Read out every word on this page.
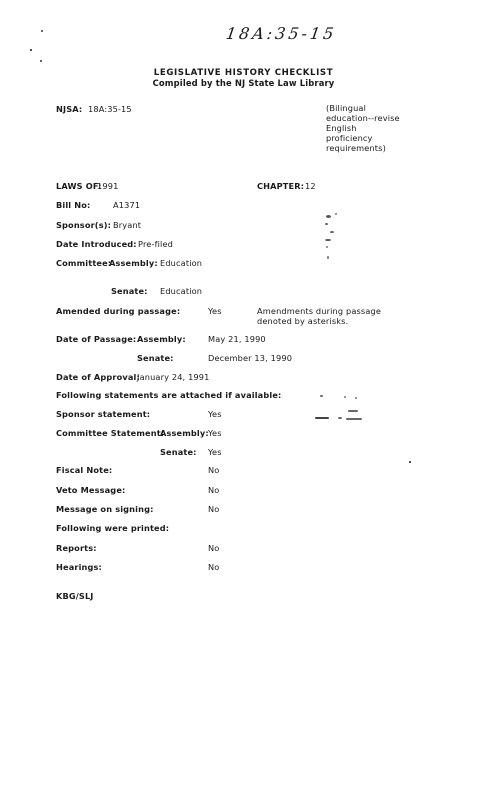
18A:35-15
LEGISLATIVE HISTORY CHECKLIST
Compiled by the NJ State Law Library
NJSA: 18A:35-15	(Bilingual
education--revise
English
proficiency
requirements)
LAWS OF:
1991	CHAPTER: 12
Bill No:	A1371
Sponsor(s): Bryant
Date Introduced: Pre-filed
Committee:
Assembly: Education
Senate: Education
Amended during passage:	Yes	Amendments during passage
denoted by asterisks.
Date of Passage: Assembly:	May 21, 1990
Senate:	December 13, 1990
Date of Approval:
January 24, 1991
Following statements are attached if available:
Sponsor statement:	Yes
Committee Statement:
Assembly: Yes
Senate: Yes
Fiscal Note:	No
Veto Message:	No
Message on signing:	No
Following were printed:
Reports:	No
Hearings:	No
KBG/SLJ
